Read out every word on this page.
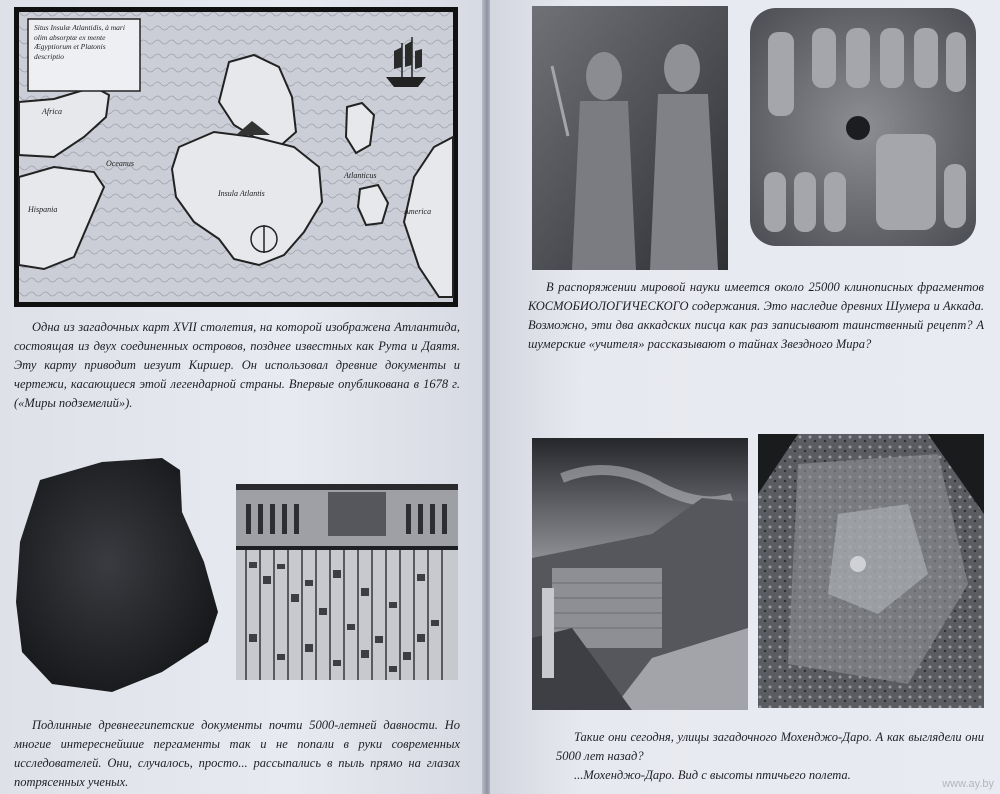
Situs Insulæ Atlantidis, à mari olim absorptæ ex mente Ægyptiorum et Platonis descriptio
Africa
Oceanus
Hispania
Insula Atlantis
Atlanticus
America
Одна из загадочных карт XVII столетия, на которой изображена Атлантида, состоящая из двух соединенных островов, позднее известных как Рута и Даятя. Эту карту приводит иезуит Киршер. Он использовал древние документы и чертежи, касающиеся этой легендарной страны. Впервые опубликована в 1678 г. («Миры подземелий»).
Подлинные древнеегипетские документы почти 5000-летней давности. Но многие интереснейшие пергаменты так и не попали в руки современных исследователей. Они, случалось, просто... рассыпались в пыль прямо на глазах потрясенных ученых.
В распоряжении мировой науки имеется около 25000 клинописных фрагментов КОСМОБИОЛОГИЧЕСКОГО содержания. Это наследие древних Шумера и Аккада. Возможно, эти два аккадских писца как раз записывают таинственный рецепт? А шумерские «учителя» рассказывают о тайнах Звездного Мира?
Такие они сегодня, улицы загадочного Мохенджо-Даро. А как выглядели они 5000 лет назад?
...Мохенджо-Даро. Вид с высоты птичьего полета.
www.ay.by
